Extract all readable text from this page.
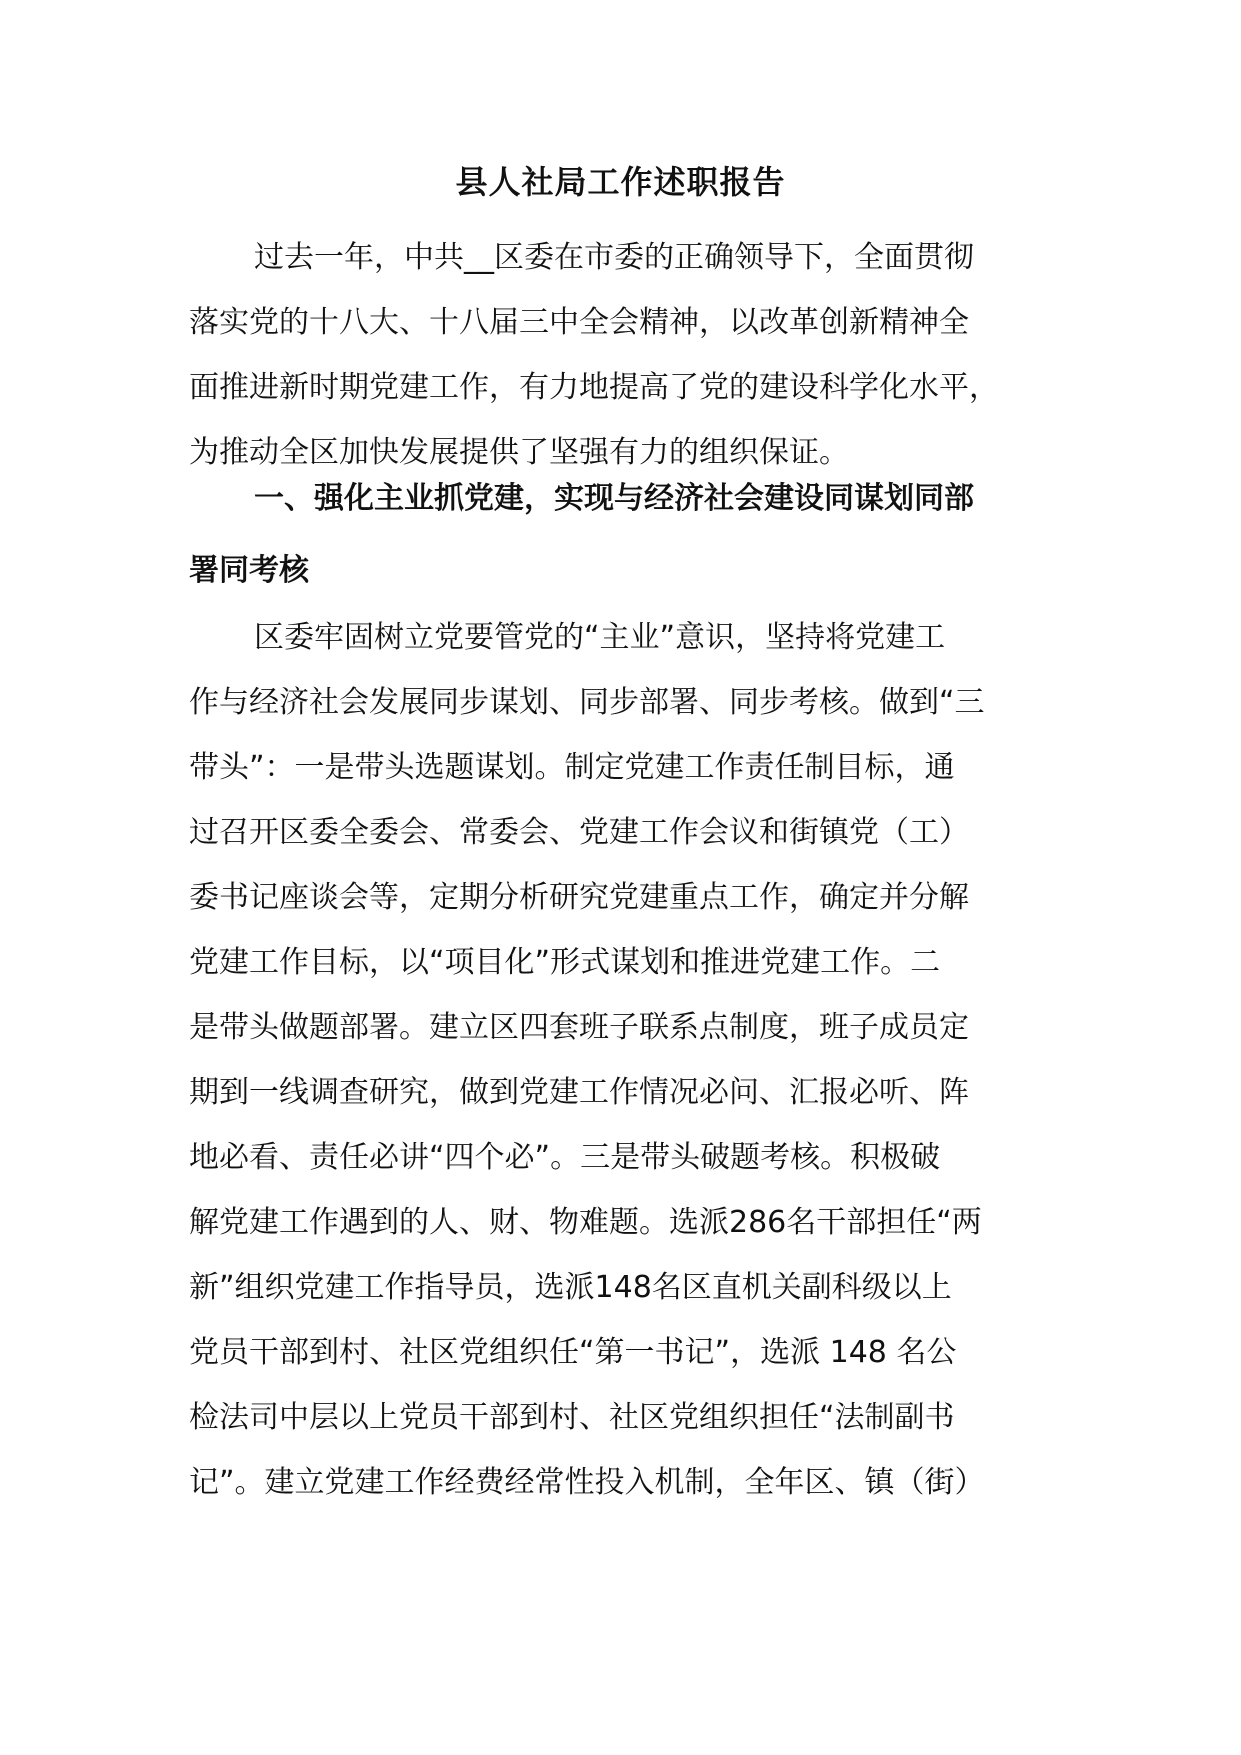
县人社局工作述职报告
过去一年，中共__区委在市委的正确领导下，全面贯彻
落实党的十八大、十八届三中全会精神，以改革创新精神全
面推进新时期党建工作，有力地提高了党的建设科学化水平，
为推动全区加快发展提供了坚强有力的组织保证。
一、强化主业抓党建，实现与经济社会建设同谋划同部
署同考核
区委牢固树立党要管党的“主业”意识，坚持将党建工
作与经济社会发展同步谋划、同步部署、同步考核。做到“三
带头”：一是带头选题谋划。制定党建工作责任制目标，通
过召开区委全委会、常委会、党建工作会议和街镇党（工）
委书记座谈会等，定期分析研究党建重点工作，确定并分解
党建工作目标，以“项目化”形式谋划和推进党建工作。二
是带头做题部署。建立区四套班子联系点制度，班子成员定
期到一线调查研究，做到党建工作情况必问、汇报必听、阵
地必看、责任必讲“四个必”。三是带头破题考核。积极破
解党建工作遇到的人、财、物难题。选派286名干部担任“两
新”组织党建工作指导员，选派148名区直机关副科级以上
党员干部到村、社区党组织任“第一书记”，选派 148 名公
检法司中层以上党员干部到村、社区党组织担任“法制副书
记”。建立党建工作经费经常性投入机制，全年区、镇（街）
